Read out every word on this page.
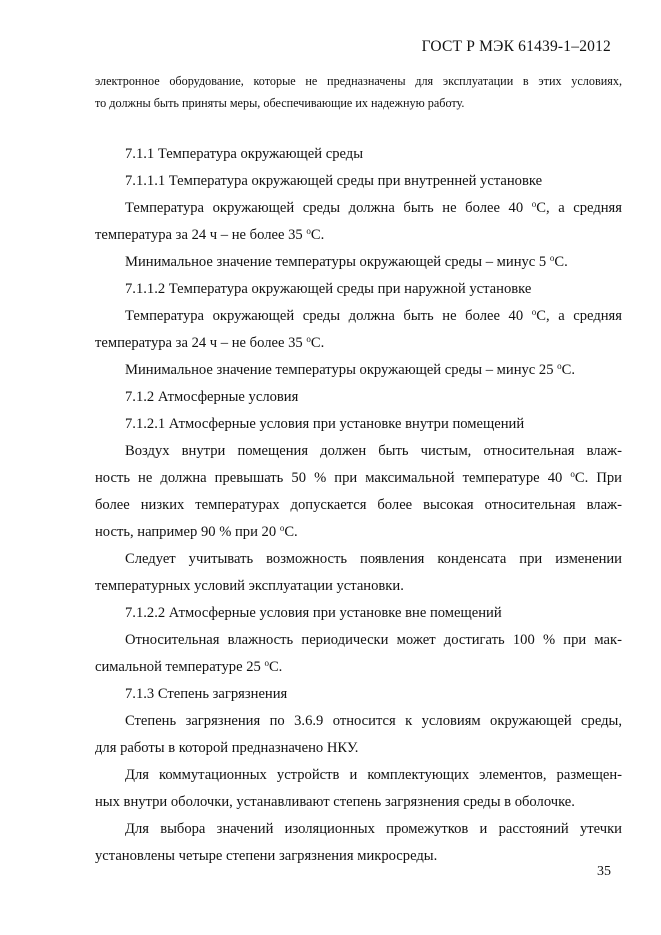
ГОСТ Р МЭК 61439-1–2012
электронное оборудование, которые не предназначены для эксплуатации в этих условиях,
то должны быть приняты меры, обеспечивающие их надежную работу.
7.1.1 Температура окружающей среды
7.1.1.1 Температура окружающей среды при внутренней установке
Температура окружающей среды должна быть не более 40 $^o$С, а средняя
температура за 24 ч – не более 35 $^o$С.
Минимальное значение температуры окружающей среды – минус 5 $^o$С.
7.1.1.2 Температура окружающей среды при наружной установке
Температура окружающей среды должна быть не более 40 $^o$С, а средняя
температура за 24 ч – не более 35 $^o$С.
Минимальное значение температуры окружающей среды – минус 25 $^o$С.
7.1.2 Атмосферные условия
7.1.2.1 Атмосферные условия при установке внутри помещений
Воздух внутри помещения должен быть чистым, относительная влаж-
ность не должна превышать 50 % при максимальной температуре 40 $^o$С. При
более низких температурах допускается более высокая относительная влаж-
ность, например 90 % при 20 $^o$С.
Следует учитывать возможность появления конденсата при изменении
температурных условий эксплуатации установки.
7.1.2.2 Атмосферные условия при установке вне помещений
Относительная влажность периодически может достигать 100 % при мак-
симальной температуре 25 $^o$С.
7.1.3 Степень загрязнения
Степень загрязнения по 3.6.9 относится к условиям окружающей среды,
для работы в которой предназначено НКУ.
Для коммутационных устройств и комплектующих элементов, размещен-
ных внутри оболочки, устанавливают степень загрязнения среды в оболочке.
Для выбора значений изоляционных промежутков и расстояний утечки
установлены четыре степени загрязнения микросреды.
35
